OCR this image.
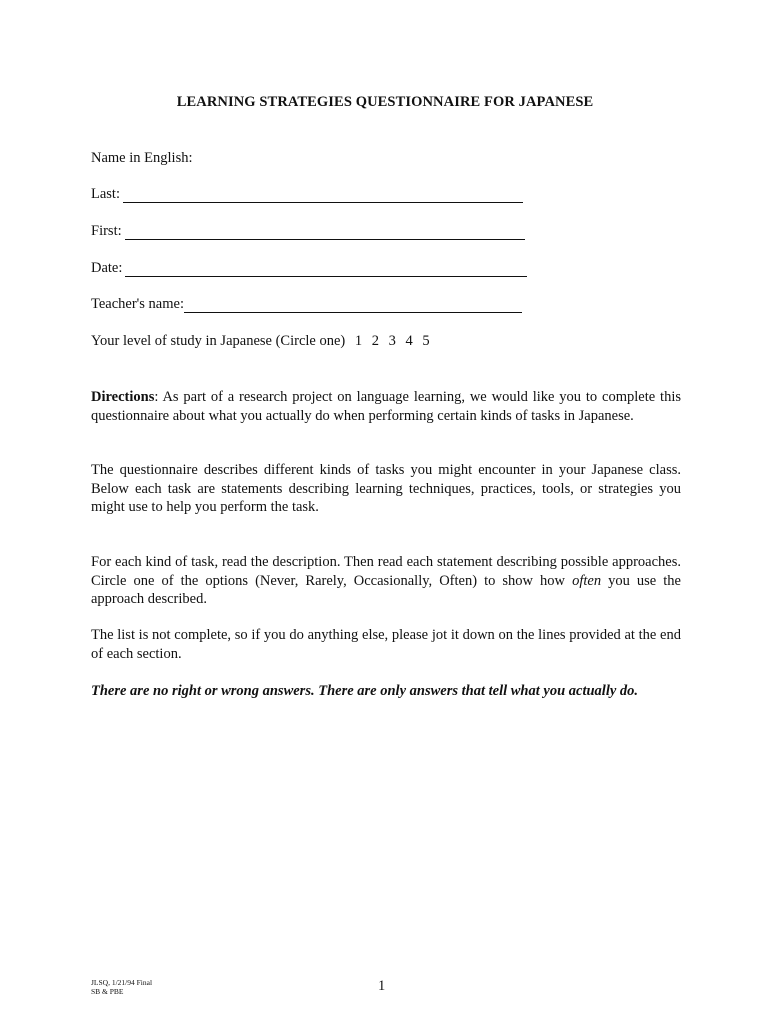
LEARNING STRATEGIES QUESTIONNAIRE FOR JAPANESE
Name in English:
Last:
First:
Date:
Teacher's name:
Your level of study in Japanese (Circle one) 1 2 3 4 5
Directions: As part of a research project on language learning, we would like you to complete this questionnaire about what you actually do when performing certain kinds of tasks in Japanese.
The questionnaire describes different kinds of tasks you might encounter in your Japanese class. Below each task are statements describing learning techniques, practices, tools, or strategies you might use to help you perform the task.
For each kind of task, read the description. Then read each statement describing possible approaches. Circle one of the options (Never, Rarely, Occasionally, Often) to show how often you use the approach described.
The list is not complete, so if you do anything else, please jot it down on the lines provided at the end of each section.
There are no right or wrong answers. There are only answers that tell what you actually do.
JLSQ, 1/21/94 Final
SB & PBE	1
